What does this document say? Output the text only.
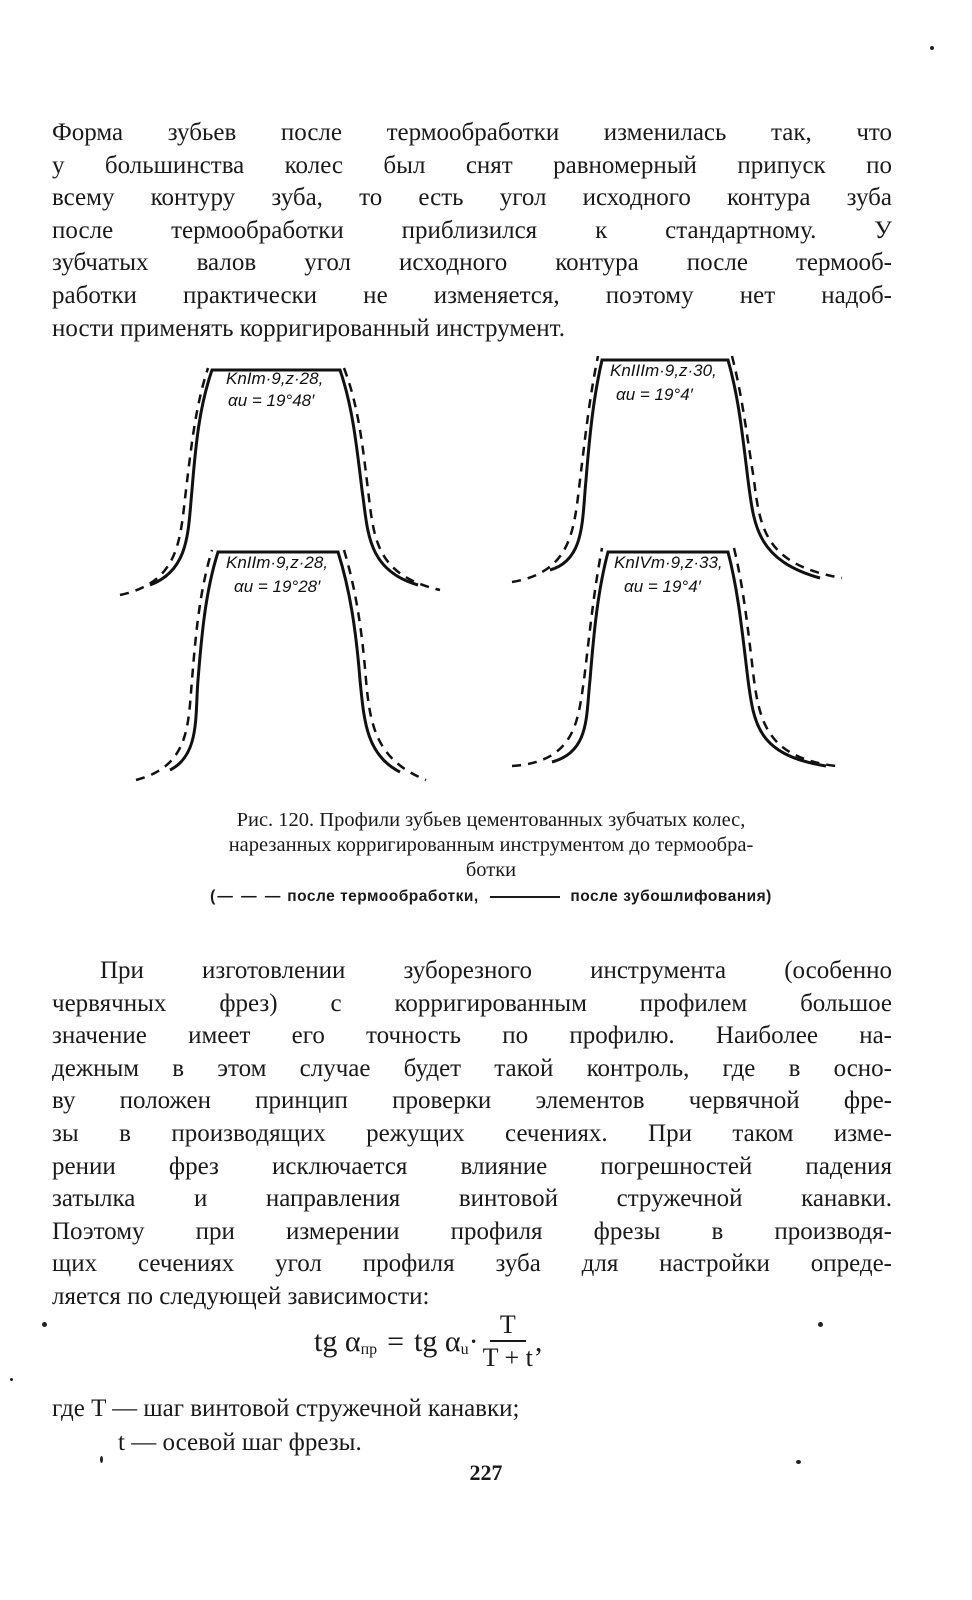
Форма зубьев после термообработки изменилась так, что
у большинства колес был снят равномерный припуск по
всему контуру зуба, то есть угол исходного контура зуба
после термообработки приблизился к стандартному. У
зубчатых валов угол исходного контура после термооб-
работки практически не изменяется, поэтому нет надоб-
ности применять корригированный инструмент.
KnIm·9,z·28,
αu = 19°48′
KnIIIm·9,z·30,
αu = 19°4′
KnIIm·9,z·28,
αu = 19°28′
KnIVm·9,z·33,
αu = 19°4′
Рис. 120. Профили зубьев цементованных зубчатых колес,
нарезанных корригированным инструментом до термообра-
ботки
(— — — после термообработки,	после зубошлифования)
При изготовлении зуборезного инструмента (особенно
червячных фрез) с корригированным профилем большое
значение имеет его точность по профилю. Наиболее на-
дежным в этом случае будет такой контроль, где в осно-
ву положен принцип проверки элементов червячной фре-
зы в производящих режущих сечениях. При таком изме-
рении фрез исключается влияние погрешностей падения
затылка и направления винтовой стружечной канавки.
Поэтому при измерении профиля фрезы в производя-
щих сечениях угол профиля зуба для настройки опреде-
ляется по следующей зависимости:
tg α пр = tg α $u \cdot \frac{T}{T + t}$ ,
где T — шаг винтовой стружечной канавки;
t — осевой шаг фрезы.
227
